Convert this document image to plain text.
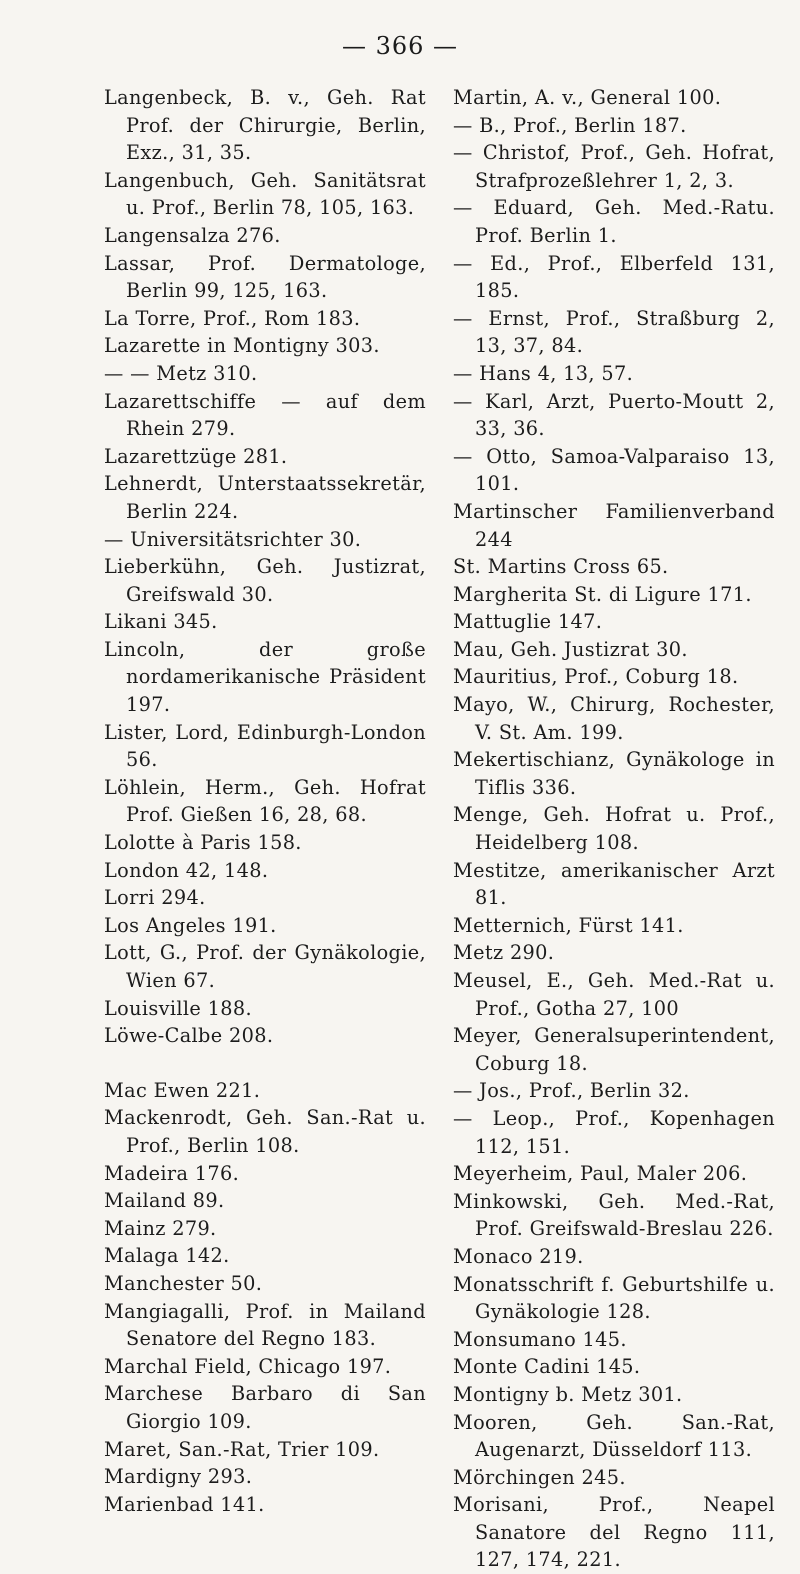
— 366 —
Langenbeck, B. v., Geh. Rat Prof. der Chirurgie, Berlin, Exz., 31, 35.
Langenbuch, Geh. Sanitätsrat u. Prof., Berlin 78, 105, 163.
Langensalza 276.
Lassar, Prof. Dermatologe, Berlin 99, 125, 163.
La Torre, Prof., Rom 183.
Lazarette in Montigny 303.
— — Metz 310.
Lazarettschiffe — auf dem Rhein 279.
Lazarettzüge 281.
Lehnerdt, Unterstaatssekretär, Berlin 224.
— Universitätsrichter 30.
Lieberkühn, Geh. Justizrat, Greifswald 30.
Likani 345.
Lincoln, der große nordamerikanische Präsident 197.
Lister, Lord, Edinburgh-London 56.
Löhlein, Herm., Geh. Hofrat Prof. Gießen 16, 28, 68.
Lolotte à Paris 158.
London 42, 148.
Lorri 294.
Los Angeles 191.
Lott, G., Prof. der Gynäkologie, Wien 67.
Louisville 188.
Löwe-Calbe 208.
Mac Ewen 221.
Mackenrodt, Geh. San.-Rat u. Prof., Berlin 108.
Madeira 176.
Mailand 89.
Mainz 279.
Malaga 142.
Manchester 50.
Mangiagalli, Prof. in Mailand Senatore del Regno 183.
Marchal Field, Chicago 197.
Marchese Barbaro di San Giorgio 109.
Maret, San.-Rat, Trier 109.
Mardigny 293.
Marienbad 141.
Martin, A. v., General 100.
— B., Prof., Berlin 187.
— Christof, Prof., Geh. Hofrat, Strafprozeßlehrer 1, 2, 3.
— Eduard, Geh. Med.-Ratu. Prof. Berlin 1.
— Ed., Prof., Elberfeld 131, 185.
— Ernst, Prof., Straßburg 2, 13, 37, 84.
— Hans 4, 13, 57.
— Karl, Arzt, Puerto-Moutt 2, 33, 36.
— Otto, Samoa-Valparaiso 13, 101.
Martinscher Familienverband 244
St. Martins Cross 65.
Margherita St. di Ligure 171.
Mattuglie 147.
Mau, Geh. Justizrat 30.
Mauritius, Prof., Coburg 18.
Mayo, W., Chirurg, Rochester, V. St. Am. 199.
Mekertischianz, Gynäkologe in Tiflis 336.
Menge, Geh. Hofrat u. Prof., Heidelberg 108.
Mestitze, amerikanischer Arzt 81.
Metternich, Fürst 141.
Metz 290.
Meusel, E., Geh. Med.-Rat u. Prof., Gotha 27, 100
Meyer, Generalsuperintendent, Coburg 18.
— Jos., Prof., Berlin 32.
— Leop., Prof., Kopenhagen 112, 151.
Meyerheim, Paul, Maler 206.
Minkowski, Geh. Med.-Rat, Prof. Greifswald-Breslau 226.
Monaco 219.
Monatsschrift f. Geburtshilfe u. Gynäkologie 128.
Monsumano 145.
Monte Cadini 145.
Montigny b. Metz 301.
Mooren, Geh. San.-Rat, Augenarzt, Düsseldorf 113.
Mörchingen 245.
Morisani, Prof., Neapel Sanatore del Regno 111, 127, 174, 221.
